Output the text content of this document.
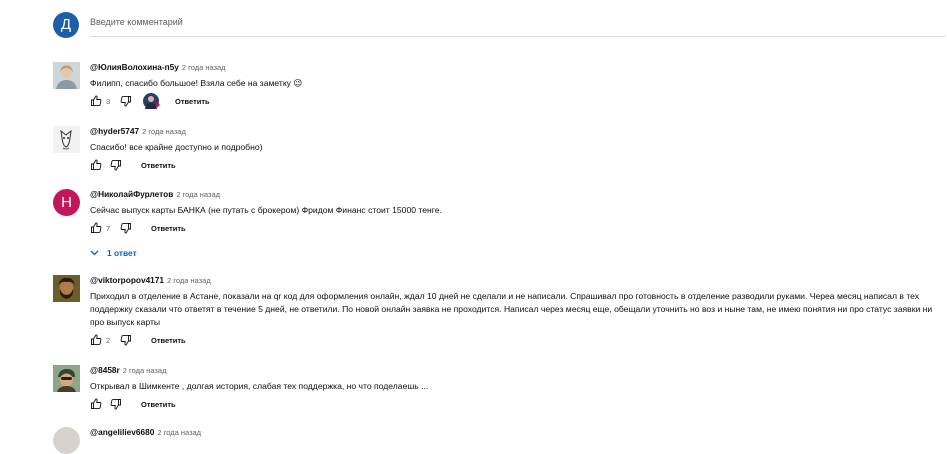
Д
Введите комментарий
@ЮлияВолохина-п5у 2 года назад
Филипп, спасибо большое! Взяла себе на заметку 😉
3	♥ Ответить
@hyder5747 2 года назад
Спасибо! все крайне доступно и подробно)
Ответить
Н	@НиколайФурлетов 2 года назад
Сейчас выпуск карты БАНКА (не путать с брокером) Фридом Финанс стоит 15000 тенге.
7	Ответить
1 ответ
@viktorpopov4171 2 года назад
Приходил в отделение в Астане, показали на qr код для оформления онлайн, ждал 10 дней не сделали и не написали. Спрашивал про готовность в отделение разводили руками. Череа месяц написал в тех поддержку сказали что ответят в течение 5 дней, не ответили. По новой онлайн заявка не проходится. Написал через месяц еще, обещали уточнить но воз и ныне там, не имею понятия ни про статус заявки ни про выпуск карты
2	Ответить
@8458r 2 года назад
Открывал в Шимкенте , долгая история, слабая тех поддержка, но что поделаешь ...
Ответить
@angeliliev6680 2 года назад
